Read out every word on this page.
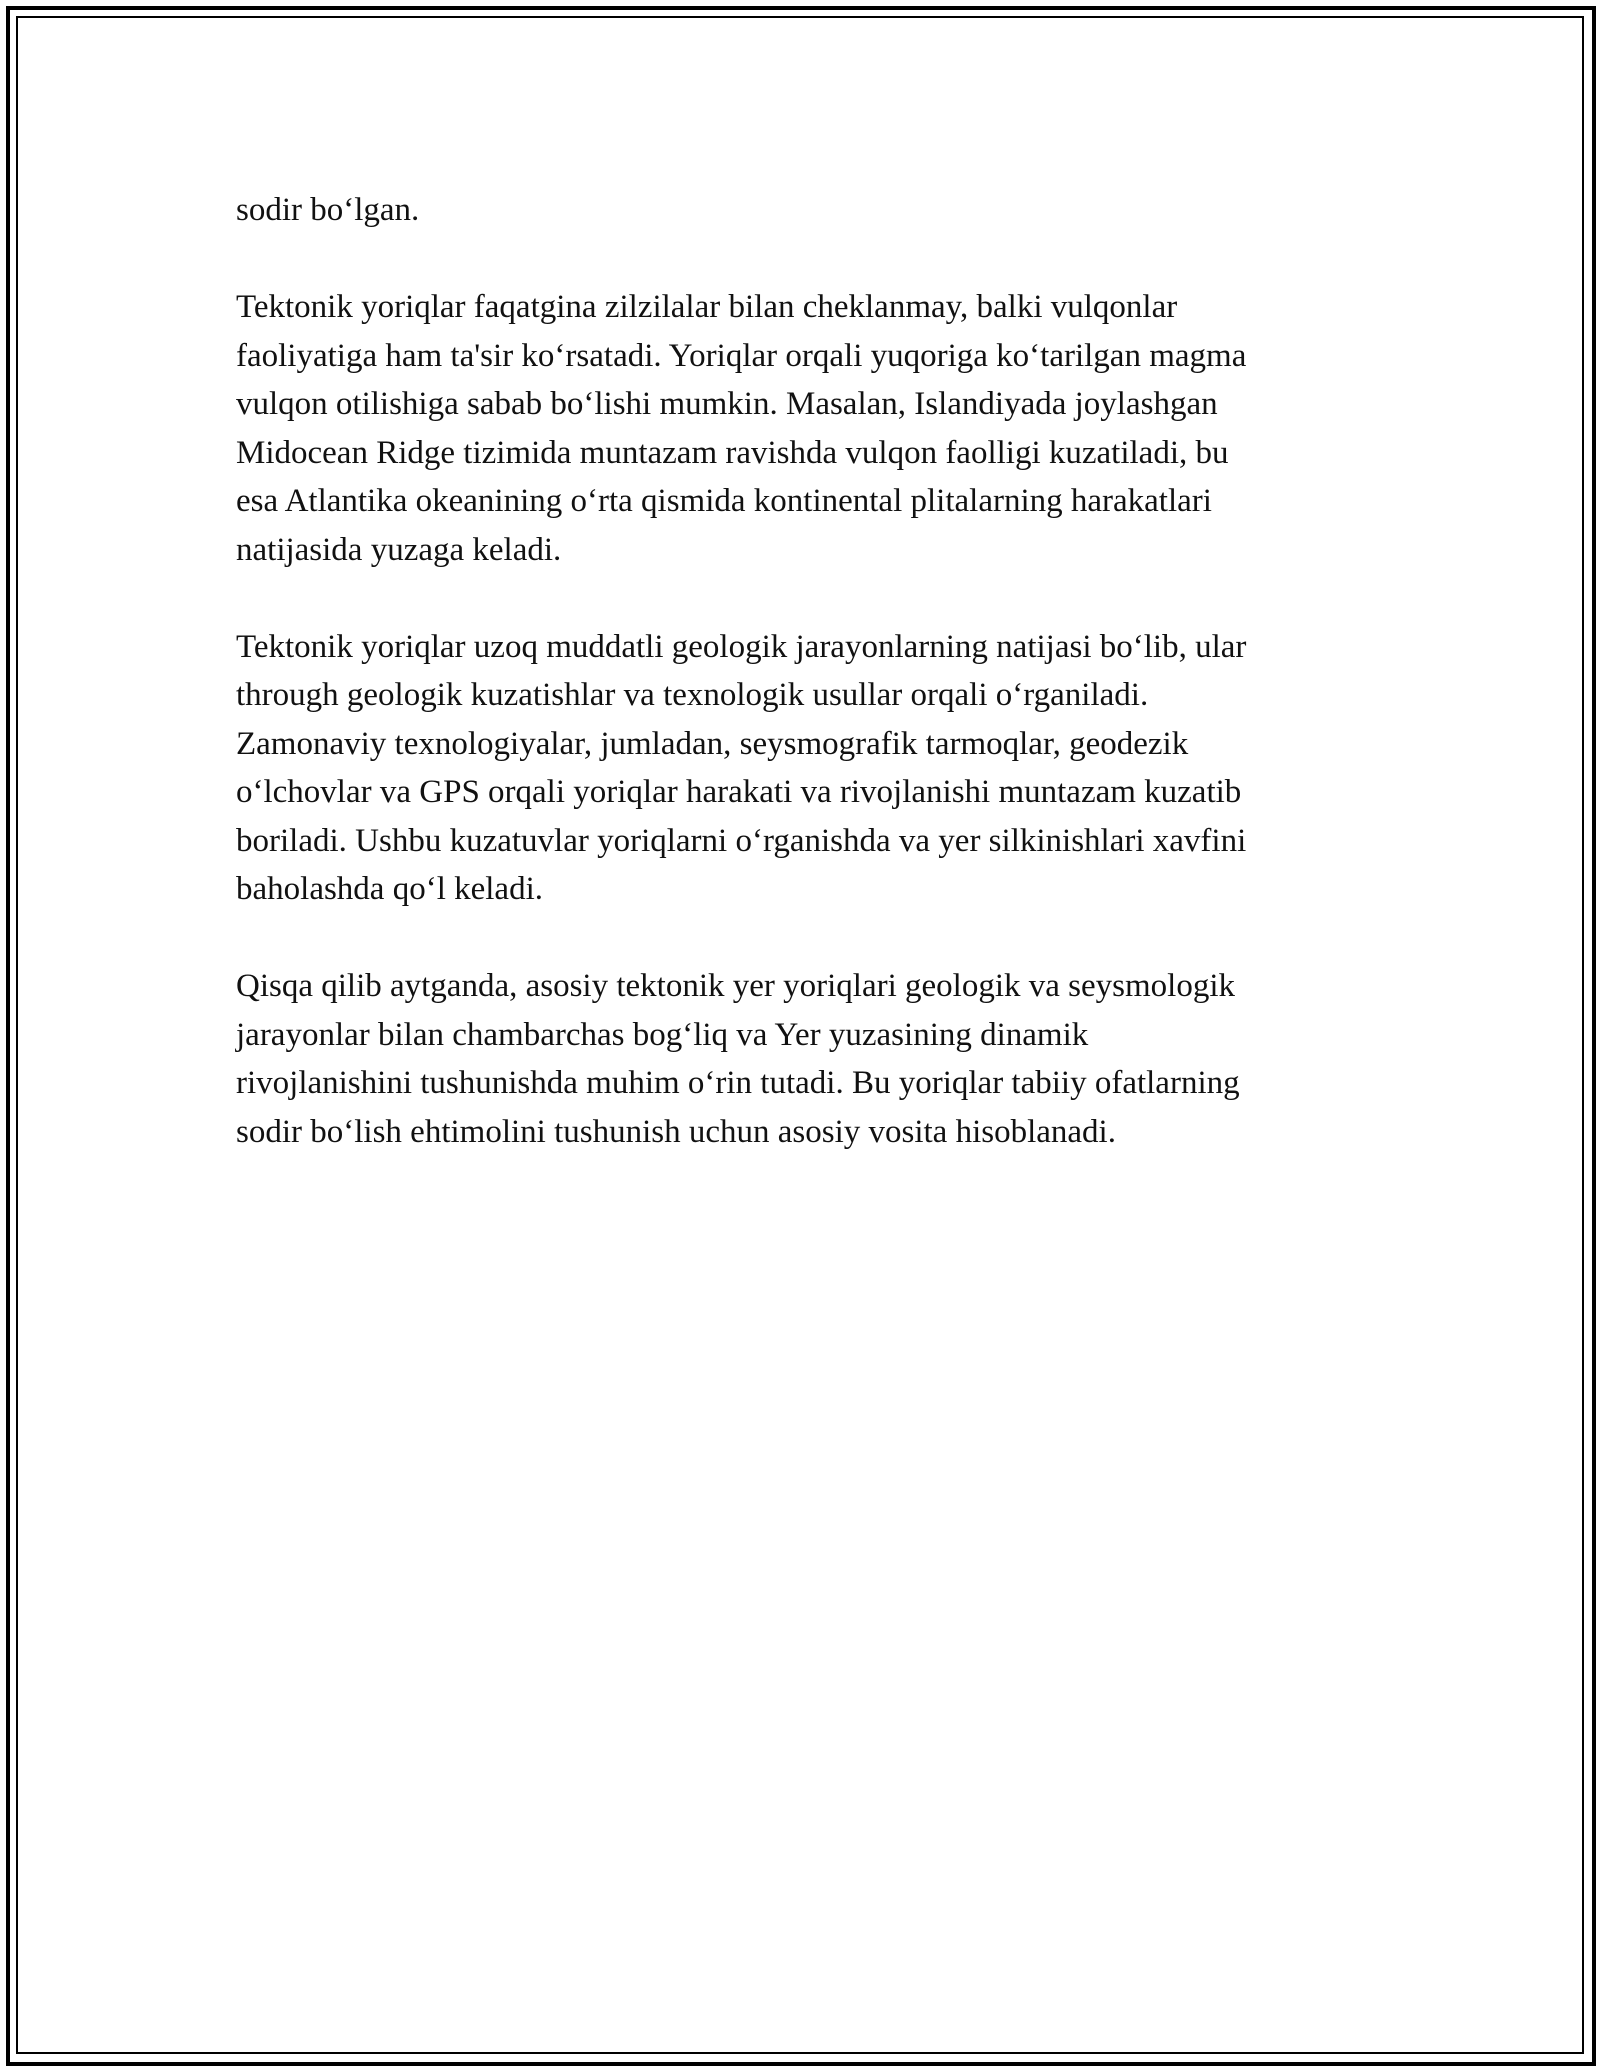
sodir boʻlgan.

Tektonik yoriqlar faqatgina zilzilalar bilan cheklanmay, balki vulqonlar
faoliyatiga ham ta'sir koʻrsatadi. Yoriqlar orqali yuqoriga koʻtarilgan magma
vulqon otilishiga sabab boʻlishi mumkin. Masalan, Islandiyada joylashgan
Midocean Ridge tizimida muntazam ravishda vulqon faolligi kuzatiladi, bu
esa Atlantika okeanining oʻrta qismida kontinental plitalarning harakatlari
natijasida yuzaga keladi.

Tektonik yoriqlar uzoq muddatli geologik jarayonlarning natijasi boʻlib, ular
through geologik kuzatishlar va texnologik usullar orqali oʻrganiladi.
Zamonaviy texnologiyalar, jumladan, seysmografik tarmoqlar, geodezik
oʻlchovlar va GPS orqali yoriqlar harakati va rivojlanishi muntazam kuzatib
boriladi. Ushbu kuzatuvlar yoriqlarni oʻrganishda va yer silkinishlari xavfini
baholashda qoʻl keladi.

Qisqa qilib aytganda, asosiy tektonik yer yoriqlari geologik va seysmologik
jarayonlar bilan chambarchas bogʻliq va Yer yuzasining dinamik
rivojlanishini tushunishda muhim oʻrin tutadi. Bu yoriqlar tabiiy ofatlarning
sodir boʻlish ehtimolini tushunish uchun asosiy vosita hisoblanadi.
